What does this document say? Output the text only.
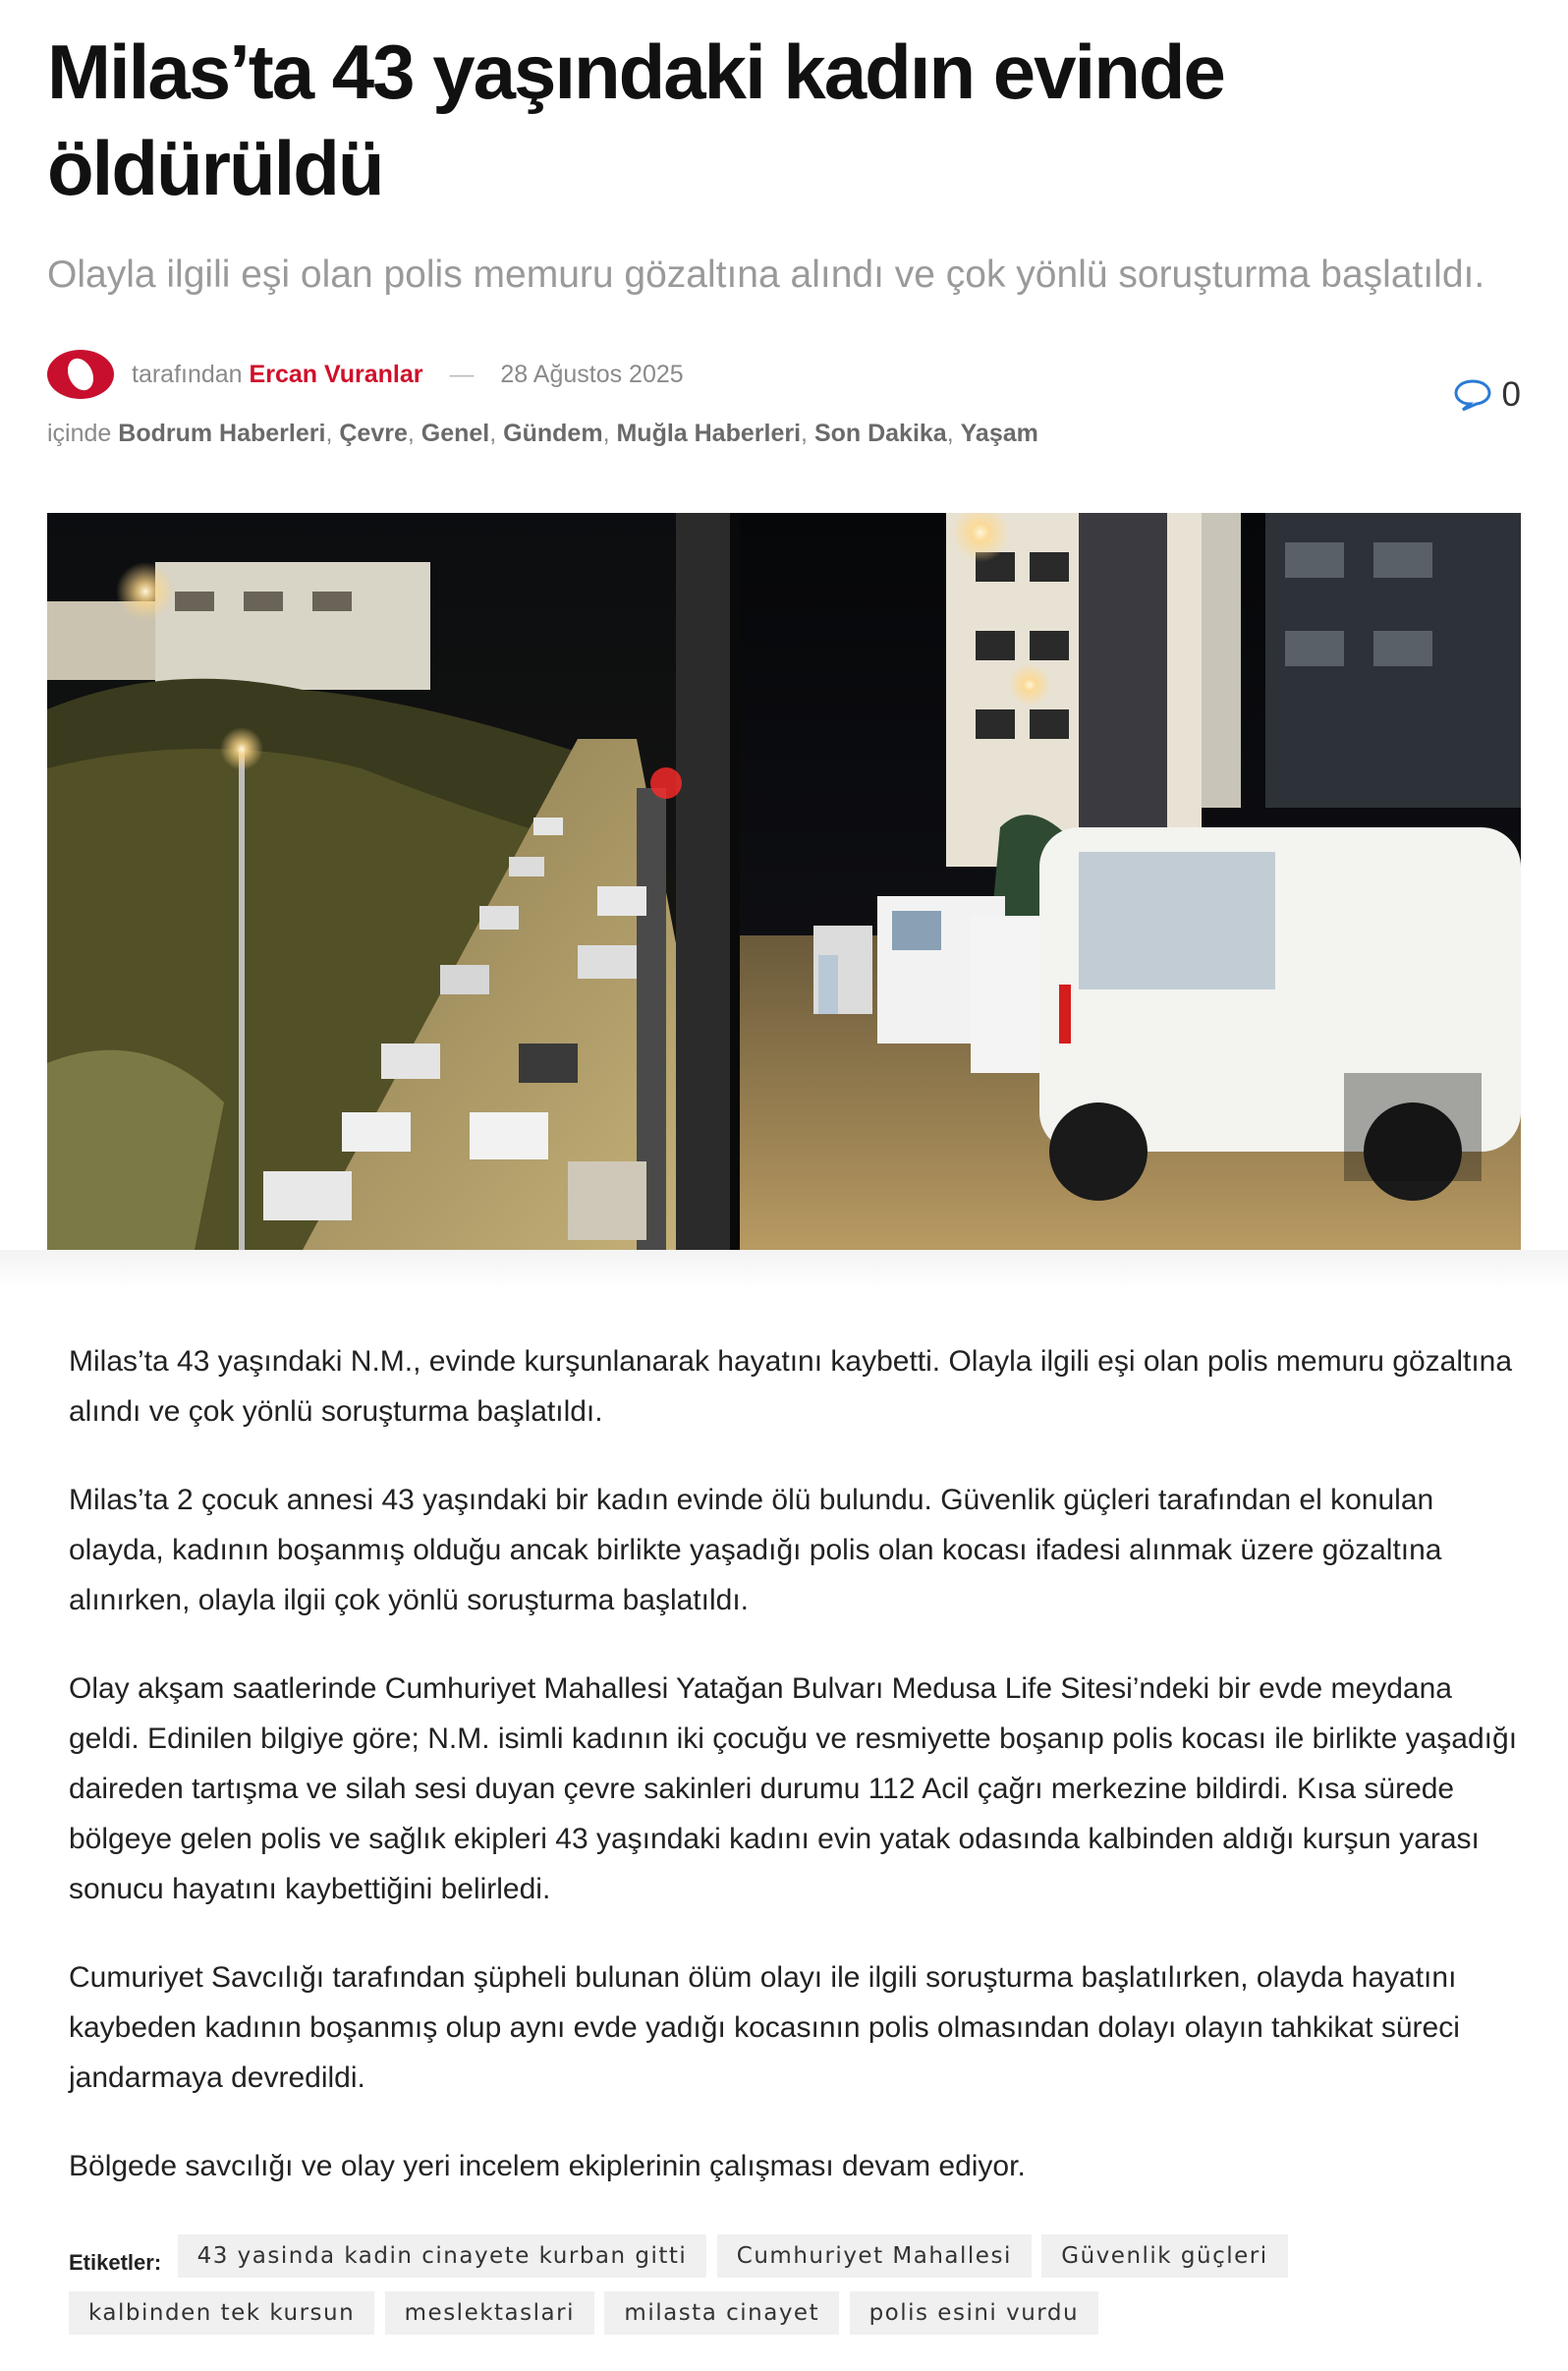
Milas’ta 43 yaşındaki kadın evinde öldürüldü

Olayla ilgili eşi olan polis memuru gözaltına alındı ve çok yönlü soruşturma başlatıldı.

tarafından Ercan Vuranlar — 28 Ağustos 2025
içinde Bodrum Haberleri, Çevre, Genel, Gündem, Muğla Haberleri, Son Dakika, Yaşam
0

Milas’ta 43 yaşındaki N.M., evinde kurşunlanarak hayatını kaybetti. Olayla ilgili eşi olan polis memuru gözaltına alındı ve çok yönlü soruşturma başlatıldı.

Milas’ta 2 çocuk annesi 43 yaşındaki bir kadın evinde ölü bulundu. Güvenlik güçleri tarafından el konulan olayda, kadının boşanmış olduğu ancak birlikte yaşadığı polis olan kocası ifadesi alınmak üzere gözaltına alınırken, olayla ilgii çok yönlü soruşturma başlatıldı.

Olay akşam saatlerinde Cumhuriyet Mahallesi Yatağan Bulvarı Medusa Life Sitesi’ndeki bir evde meydana geldi. Edinilen bilgiye göre; N.M. isimli kadının iki çocuğu ve resmiyette boşanıp polis kocası ile birlikte yaşadığı daireden tartışma ve silah sesi duyan çevre sakinleri durumu 112 Acil çağrı merkezine bildirdi. Kısa sürede bölgeye gelen polis ve sağlık ekipleri 43 yaşındaki kadını evin yatak odasında kalbinden aldığı kurşun yarası sonucu hayatını kaybettiğini belirledi.

Cumuriyet Savcılığı tarafından şüpheli bulunan ölüm olayı ile ilgili soruşturma başlatılırken, olayda hayatını kaybeden kadının boşanmış olup aynı evde yadığı kocasının polis olmasından dolayı olayın tahkikat süreci jandarmaya devredildi.

Bölgede savcılığı ve olay yeri incelem ekiplerinin çalışması devam ediyor.

Etiketler: 43 yasinda kadin cinayete kurban gitti Cumhuriyet Mahallesi Güvenlik güçleri
kalbinden tek kursun meslektaslari milasta cinayet polis esini vurdu
